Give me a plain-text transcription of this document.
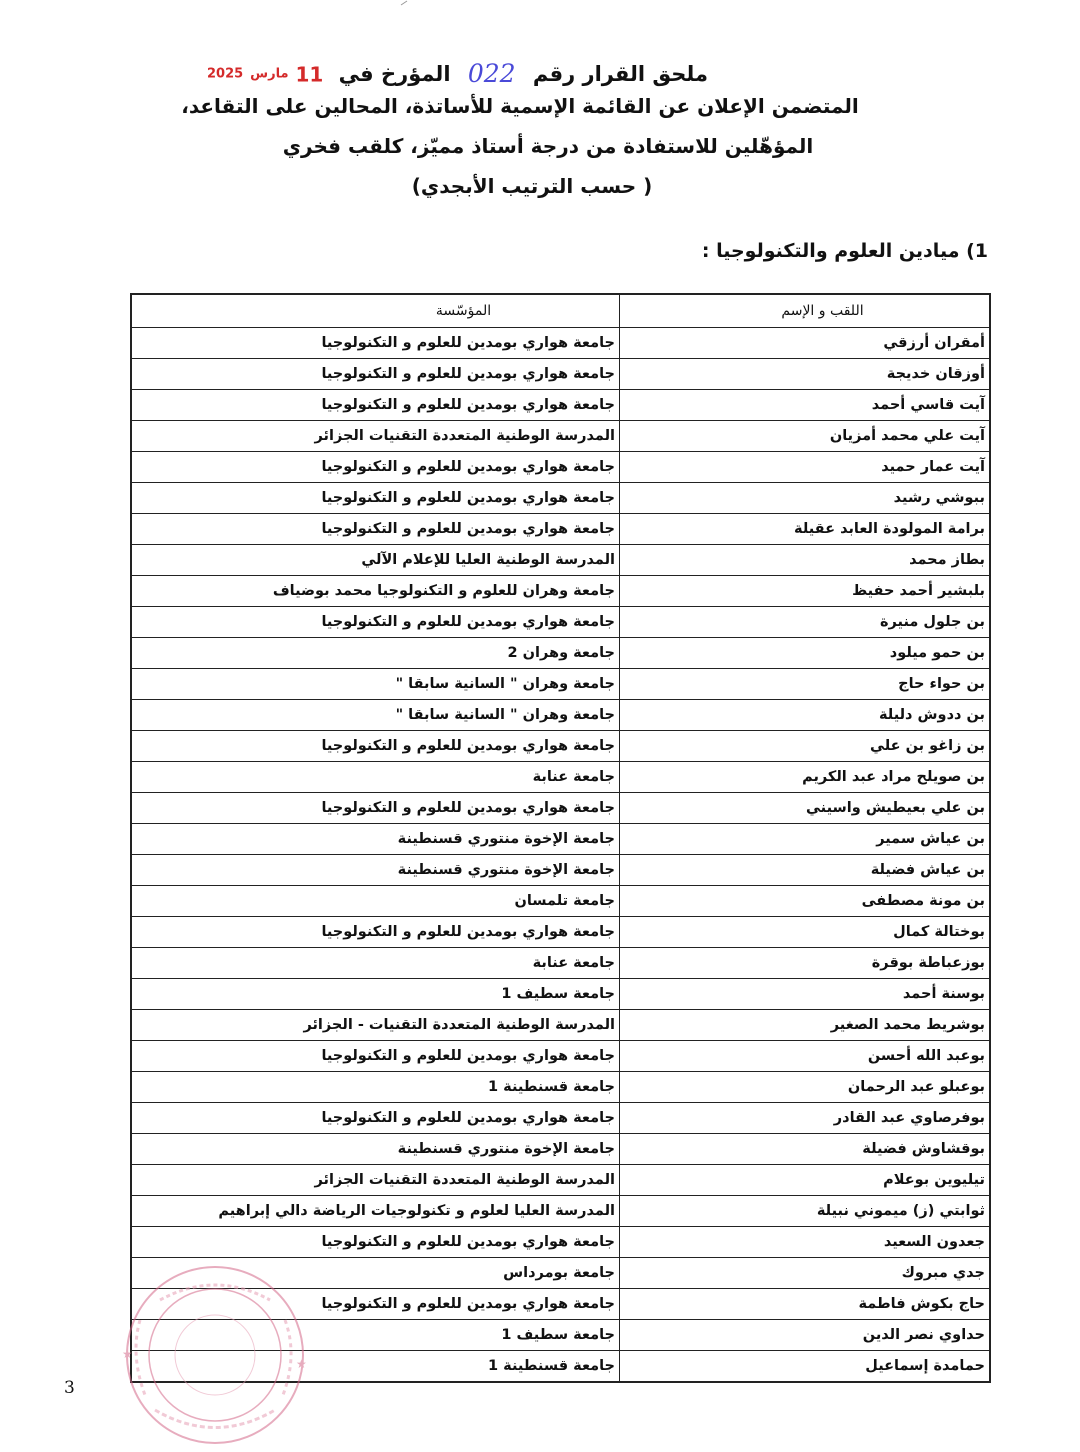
ملحق القرار رقم 022 المؤرخ في 11 مارس 2025
المتضمن الإعلان عن القائمة الإسمية للأساتذة، المحالين على التقاعد،
المؤهّلين للاستفادة من درجة أستاذ مميّز، كلقب فخري
( حسب الترتيب الأبجدي)
1) ميادين العلوم والتكنولوجيا :
اللقب و الإسم	المؤسّسة
أمقران أرزقي	جامعة هواري بومدين للعلوم و التكنولوجيا
أوزقان خديجة	جامعة هواري بومدين للعلوم و التكنولوجيا
آيت قاسي أحمد	جامعة هواري بومدين للعلوم و التكنولوجيا
آيت علي محمد أمزيان	المدرسة الوطنية المتعددة التقنيات الجزائر
آيت عمار حميد	جامعة هواري بومدين للعلوم و التكنولوجيا
ببوشي رشيد	جامعة هواري بومدين للعلوم و التكنولوجيا
برامة المولودة العابد عقيلة	جامعة هواري بومدين للعلوم و التكنولوجيا
بطاز محمد	المدرسة الوطنية العليا للإعلام الآلي
بلبشير أحمد حفيظ	جامعة وهران للعلوم و التكنولوجيا محمد بوضياف
بن جلول منيرة	جامعة هواري بومدين للعلوم و التكنولوجيا
بن حمو ميلود	جامعة وهران 2
بن حواء حاج	جامعة وهران " السانية سابقا "
بن ددوش دليلة	جامعة وهران " السانية سابقا "
بن زاغو بن علي	جامعة هواري بومدين للعلوم و التكنولوجيا
بن صويلح مراد عبد الكريم	جامعة عنابة
بن علي بعيطيش واسيني	جامعة هواري بومدين للعلوم و التكنولوجيا
بن عياش سمير	جامعة الإخوة منتوري قسنطينة
بن عياش فضيلة	جامعة الإخوة منتوري قسنطينة
بن مونة مصطفى	جامعة تلمسان
بوختالة كمال	جامعة هواري بومدين للعلوم و التكنولوجيا
بوزعباطة بوقرة	جامعة عنابة
بوسنة أحمد	جامعة سطيف 1
بوشريط محمد الصغير	المدرسة الوطنية المتعددة التقنيات - الجزائر
بوعبد الله أحسن	جامعة هواري بومدين للعلوم و التكنولوجيا
بوعبلو عبد الرحمان	جامعة قسنطينة 1
بوفرصاوي عبد القادر	جامعة هواري بومدين للعلوم و التكنولوجيا
بوقشاوش فضيلة	جامعة الإخوة منتوري قسنطينة
تيليوين بوعلام	المدرسة الوطنية المتعددة التقنيات الجزائر
ثوابتي (ز) ميموني نبيلة	المدرسة العليا لعلوم و تكنولوجيات الرياضة دالي إبراهيم
جعدون السعيد	جامعة هواري بومدين للعلوم و التكنولوجيا
جدي مبروك	جامعة بومرداس
حاج بكوش فاطمة	جامعة هواري بومدين للعلوم و التكنولوجيا
حداوي نصر الدين	جامعة سطيف 1
حمامدة إسماعيل	جامعة قسنطينة 1
★
★
3
